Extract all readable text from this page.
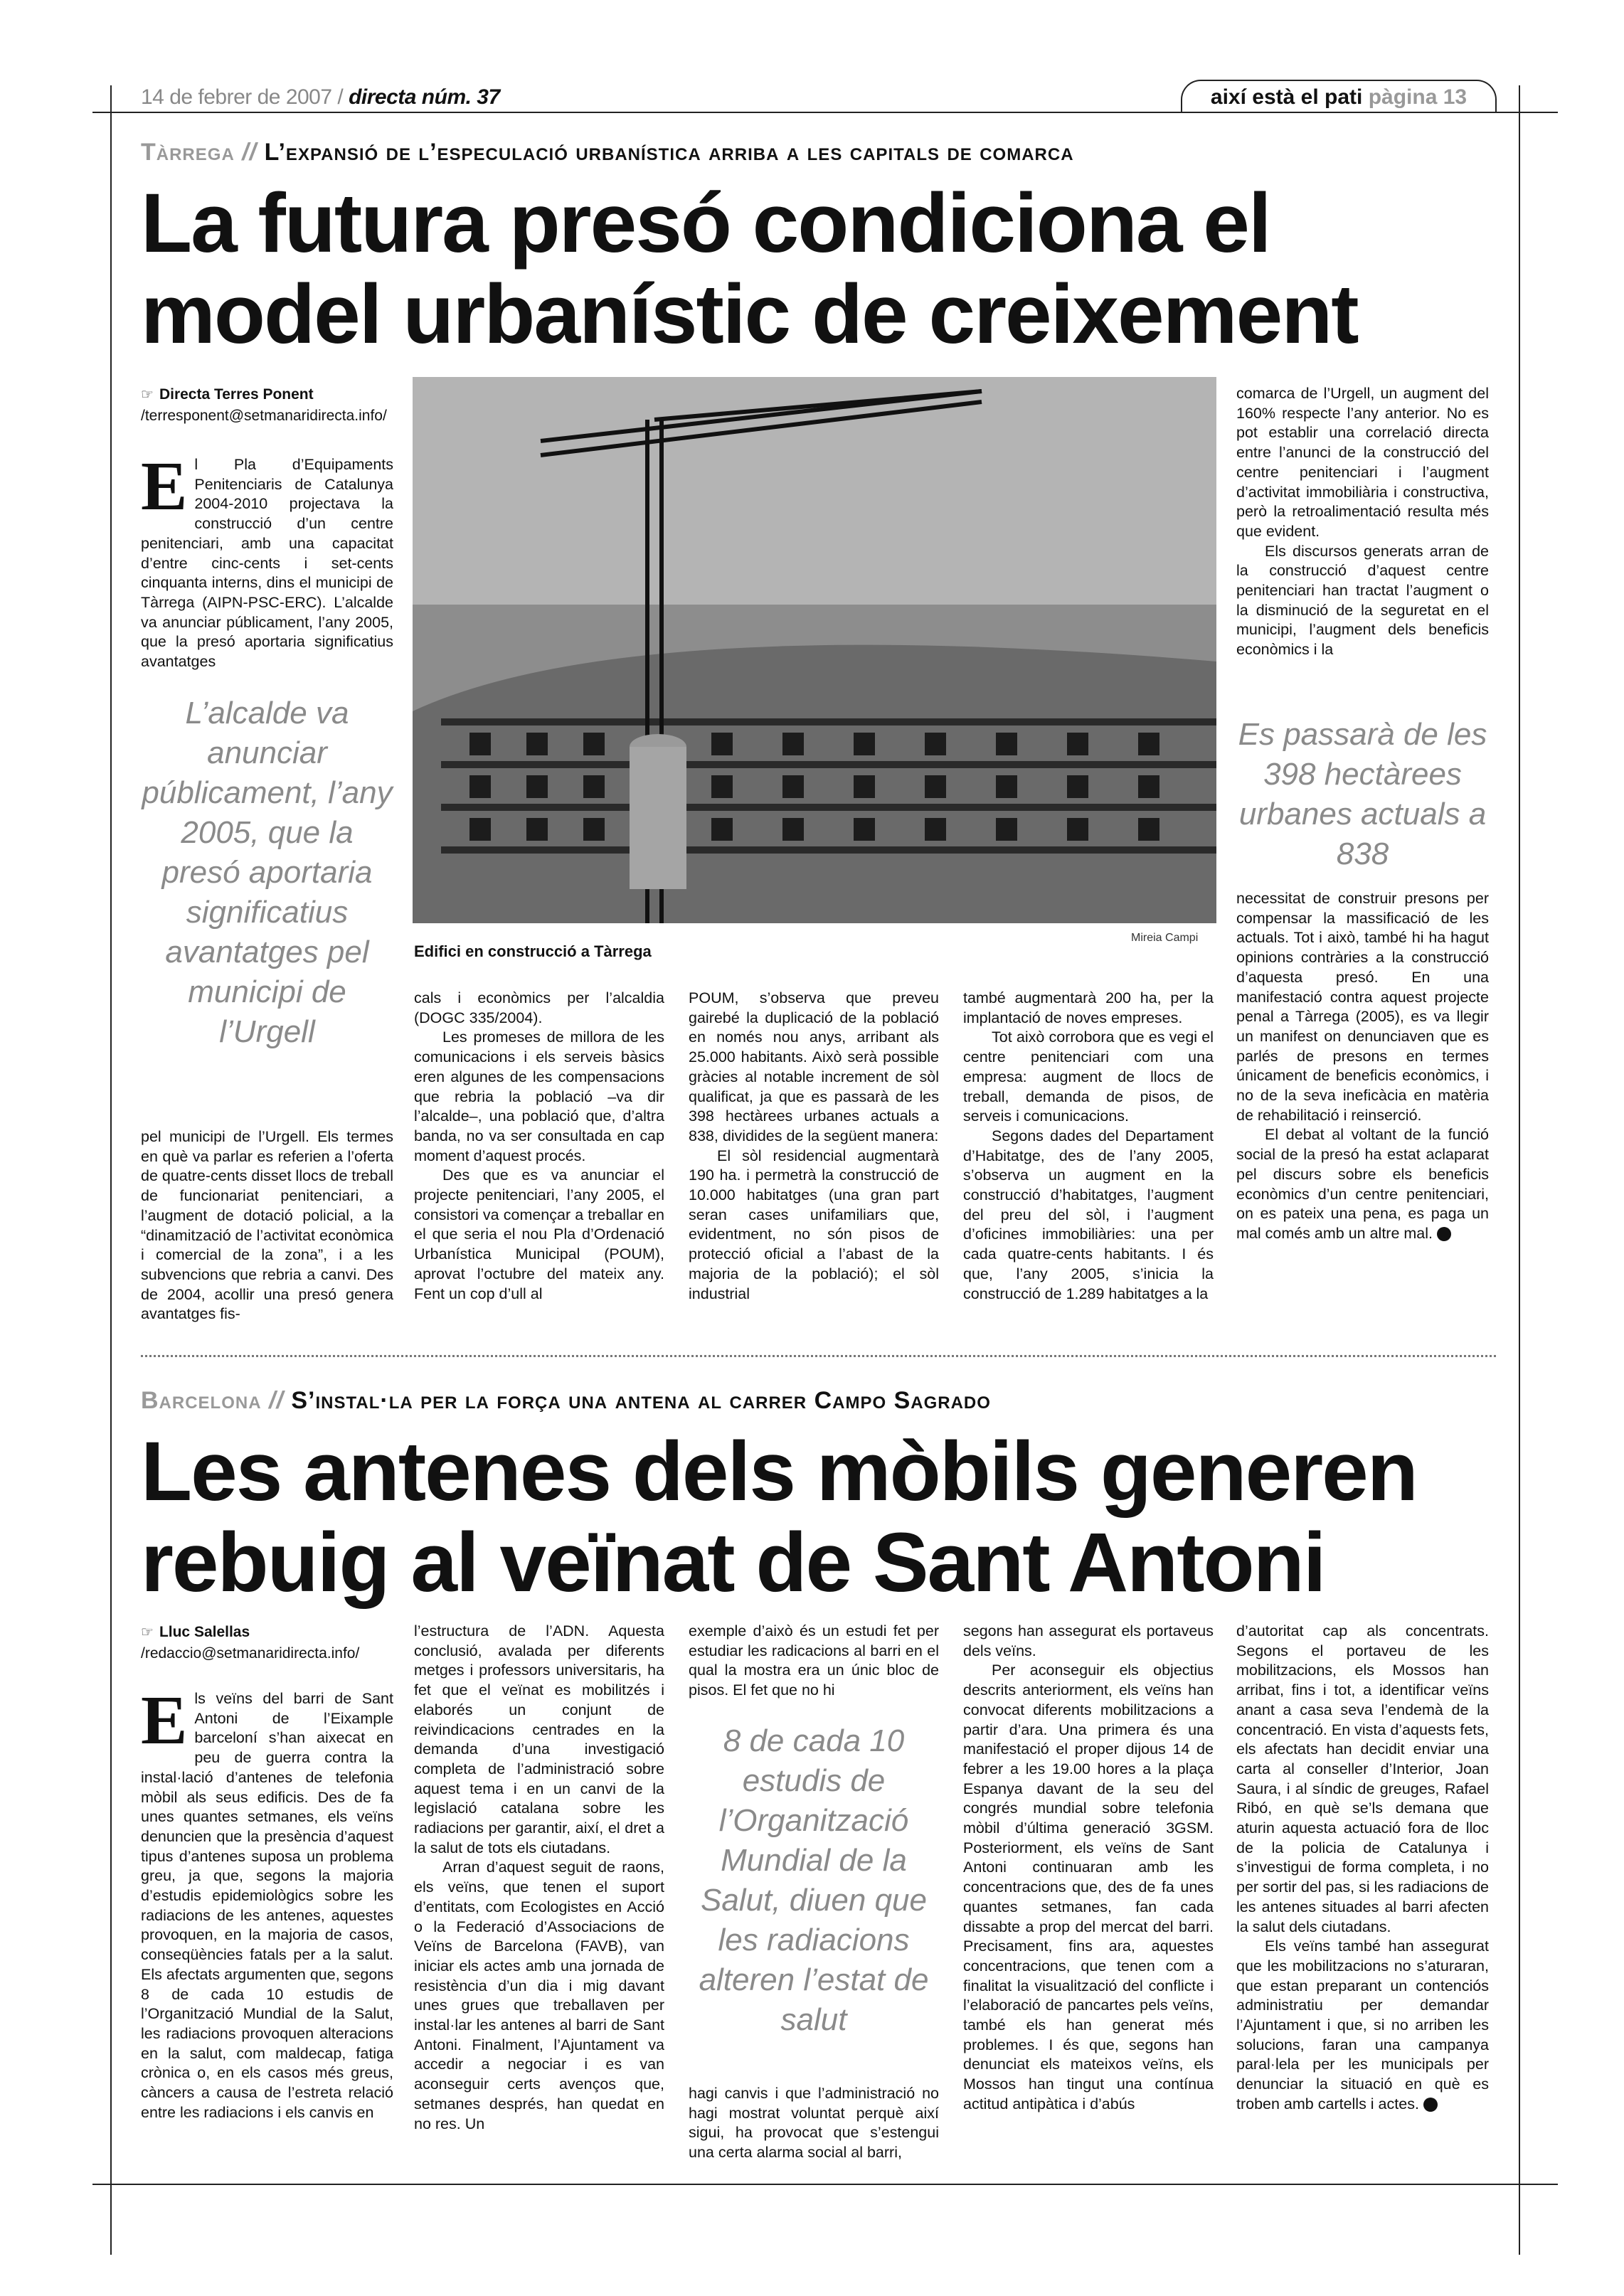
14 de febrer de 2007 / directa núm. 37	així està el pati pàgina 13
Tàrrega // L’expansió de l’especulació urbanística arriba a les capitals de comarca
La futura presó condiciona el
model urbanístic de creixement
☞ Directa Terres Ponent
/terresponent@setmanaridirecta.info/
E l Pla d’Equipaments Penitenciaris de Catalunya 2004-2010 projectava la construcció d’un centre penitenciari, amb una capacitat d’entre cinc-cents i set-cents cinquanta interns, dins el municipi de Tàrrega (AIPN-PSC-ERC). L’alcalde va anunciar públicament, l’any 2005, que la presó aportaria significatius avantatges
L’alcalde va anunciar públicament, l’any 2005, que la presó aportaria significatius avantatges pel municipi de l’Urgell

pel municipi de l’Urgell. Els termes en què va parlar es referien a l’oferta de quatre-cents disset llocs de treball de funcionariat penitenciari, a l’augment de dotació policial, a la “dinamització de l’activitat econòmica i comercial de la zona”, i a les subvencions que rebria a canvi. Des de 2004, acollir una presó genera avantatges fis-

Edifici en construcció a Tàrrega
Mireia Campi

cals i econòmics per l’alcaldia (DOGC 335/2004).

Les promeses de millora de les comunicacions i els serveis bàsics eren algunes de les compensacions que rebria la població –va dir l’alcalde–, una població que, d’altra banda, no va ser consultada en cap moment d’aquest procés.

Des que es va anunciar el projecte penitenciari, l’any 2005, el consistori va començar a treballar en el que seria el nou Pla d’Ordenació Urbanística Municipal (POUM), aprovat l’octubre del mateix any. Fent un cop d’ull al

POUM, s’observa que preveu gairebé la duplicació de la població en només nou anys, arribant als 25.000 habitants. Això serà possible gràcies al notable increment de sòl qualificat, ja que es passarà de les 398 hectàrees urbanes actuals a 838, dividides de la següent manera:

El sòl residencial augmentarà 190 ha. i permetrà la construcció de 10.000 habitatges (una gran part seran cases unifamiliars que, evidentment, no són pisos de protecció oficial a l’abast de la majoria de la població); el sòl industrial

també augmentarà 200 ha, per la implantació de noves empreses.

Tot això corrobora que es vegi el centre penitenciari com una empresa: augment de llocs de treball, demanda de pisos, de serveis i comunicacions.

Segons dades del Departament d’Habitatge, des de l’any 2005, s’observa un augment en la construcció d’habitatges, l’augment del preu del sòl, i l’augment d’oficines immobiliàries: una per cada quatre-cents habitants. I és que, l’any 2005, s’inicia la construcció de 1.289 habitatges a la

comarca de l’Urgell, un augment del 160% respecte l’any anterior. No es pot establir una correlació directa entre l’anunci de la construcció del centre penitenciari i l’augment d’activitat immobiliària i constructiva, però la retroalimentació resulta més que evident.

Els discursos generats arran de la construcció d’aquest centre penitenciari han tractat l’augment o la disminució de la seguretat en el municipi, l’augment dels beneficis econòmics i la

Es passarà de les 398 hectàrees urbanes actuals a 838

necessitat de construir presons per compensar la massificació de les actuals. Tot i això, també hi ha hagut opinions contràries a la construcció d’aquesta presó. En una manifestació contra aquest projecte penal a Tàrrega (2005), es va llegir un manifest on denunciaven que es parlés de presons en termes únicament de beneficis econòmics, i no de la seva ineficàcia en matèria de rehabilitació i reinserció.

El debat al voltant de la funció social de la presó ha estat aclaparat pel discurs sobre els beneficis econòmics d’un centre penitenciari, on es pateix una pena, es paga un mal comés amb un altre mal.	d

Barcelona // S’instal·la per la força una antena al carrer Campo Sagrado
Les antenes dels mòbils generen
rebuig al veïnat de Sant Antoni
☞ Lluc Salellas
/redaccio@setmanaridirecta.info/
E ls veïns del barri de Sant Antoni de l’Eixample barceloní s’han aixecat en peu de guerra contra la instal·lació d’antenes de telefonia mòbil als seus edificis. Des de fa unes quantes setmanes, els veïns denuncien que la presència d’aquest tipus d’antenes suposa un problema greu, ja que, segons la majoria d’estudis epidemiològics sobre les radiacions de les antenes, aquestes provoquen, en la majoria de casos, conseqüències fatals per a la salut. Els afectats argumenten que, segons 8 de cada 10 estudis de l’Organització Mundial de la Salut, les radiacions provoquen alteracions en la salut, com maldecap, fatiga crònica o, en els casos més greus, càncers a causa de l’estreta relació entre les radiacions i els canvis en

l’estructura de l’ADN. Aquesta conclusió, avalada per diferents metges i professors universitaris, ha fet que el veïnat es mobilitzés i elaborés un conjunt de reivindicacions centrades en la demanda d’una investigació completa de l’administració sobre aquest tema i en un canvi de la legislació catalana sobre les radiacions per garantir, així, el dret a la salut de tots els ciutadans.

Arran d’aquest seguit de raons, els veïns, que tenen el suport d’entitats, com Ecologistes en Acció o la Federació d’Associacions de Veïns de Barcelona (FAVB), van iniciar els actes amb una jornada de resistència d’un dia i mig davant unes grues que treballaven per instal·lar les antenes al barri de Sant Antoni. Finalment, l’Ajuntament va accedir a negociar i es van aconseguir certs avenços que, setmanes després, han quedat en no res. Un

exemple d’això és un estudi fet per estudiar les radicacions al barri en el qual la mostra era un únic bloc de pisos. El fet que no hi

8 de cada 10 estudis de l’Organització Mundial de la Salut, diuen que les radiacions alteren l’estat de salut

hagi canvis i que l’administració no hagi mostrat voluntat perquè així sigui, ha provocat que s’estengui una certa alarma social al barri,

segons han assegurat els portaveus dels veïns.

Per aconseguir els objectius descrits anteriorment, els veïns han convocat diferents mobilitzacions a partir d’ara. Una primera és una manifestació el proper dijous 14 de febrer a les 19.00 hores a la plaça Espanya davant de la seu del congrés mundial sobre telefonia mòbil d’última generació 3GSM. Posteriorment, els veïns de Sant Antoni continuaran amb les concentracions que, des de fa unes quantes setmanes, fan cada dissabte a prop del mercat del barri. Precisament, fins ara, aquestes concentracions, que tenen com a finalitat la visualització del conflicte i l’elaboració de pancartes pels veïns, també els han generat més problemes. I és que, segons han denunciat els mateixos veïns, els Mossos han tingut una contínua actitud antipàtica i d’abús

d’autoritat cap als concentrats. Segons el portaveu de les mobilitzacions, els Mossos han arribat, fins i tot, a identificar veïns anant a casa seva l’endemà de la concentració. En vista d’aquests fets, els afectats han decidit enviar una carta al conseller d’Interior, Joan Saura, i al síndic de greuges, Rafael Ribó, en què se’ls demana que aturin aquesta actuació fora de lloc de la policia de Catalunya i s’investigui de forma completa, i no per sortir del pas, si les radiacions de les antenes situades al barri afecten la salut dels ciutadans.

Els veïns també han assegurat que les mobilitzacions no s’aturaran, que estan preparant un contenciós administratiu per demandar l’Ajuntament i que, si no arriben les solucions, faran una campanya paral·lela per les municipals per denunciar la situació en què es troben amb cartells i actes.	d
